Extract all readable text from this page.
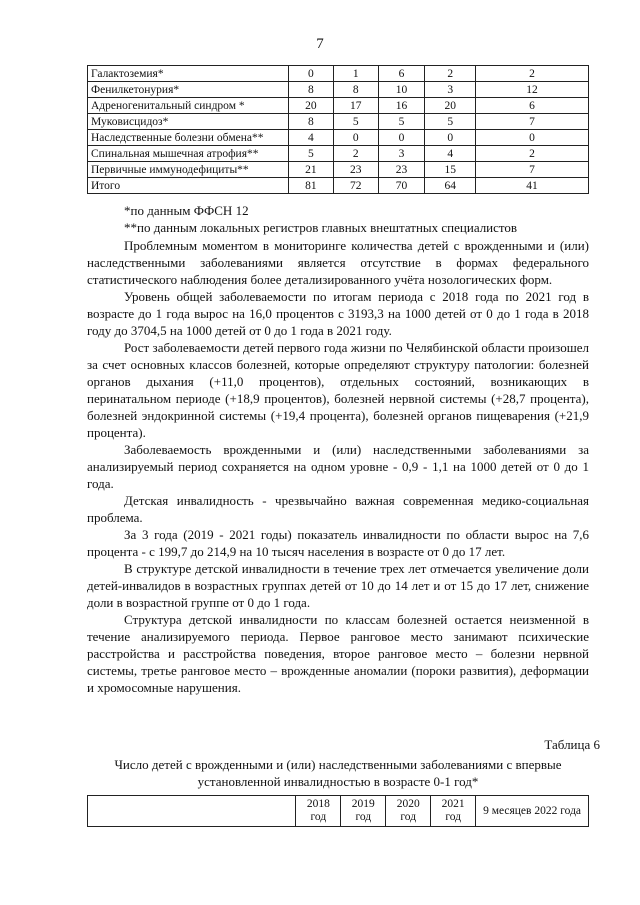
7
Галактоземия*	0	1	6	2	2
Фенилкетонурия*	8	8	10	3	12
Адреногенитальный синдром *	20	17	16	20	6
Муковисцидоз*	8	5	5	5	7
Наследственные болезни обмена**	4	0	0	0	0
Спинальная мышечная атрофия**	5	2	3	4	2
Первичные иммунодефициты**	21	23	23	15	7
Итого	81	72	70	64	41
*по данным ФФСН 12
**по данным локальных регистров главных внештатных специалистов

Проблемным моментом в мониторинге количества детей с врожденными и (или) наследственными заболеваниями является отсутствие в формах федерального статистического наблюдения более детализированного учёта нозологических форм.

Уровень общей заболеваемости по итогам периода с 2018 года по 2021 год в возрасте до 1 года вырос на 16,0 процентов с 3193,3 на 1000 детей от 0 до 1 года в 2018 году до 3704,5 на 1000 детей от 0 до 1 года в 2021 году.

Рост заболеваемости детей первого года жизни по Челябинской области произошел за счет основных классов болезней, которые определяют структуру патологии: болезней органов дыхания (+11,0 процентов), отдельных состояний, возникающих в перинатальном периоде (+18,9 процентов), болезней нервной системы (+28,7 процента), болезней эндокринной системы (+19,4 процента), болезней органов пищеварения (+21,9 процента).

Заболеваемость врожденными и (или) наследственными заболеваниями за анализируемый период сохраняется на одном уровне - 0,9 - 1,1 на 1000 детей от 0 до 1 года.

Детская инвалидность - чрезвычайно важная современная медико-социальная проблема.

За 3 года (2019 - 2021 годы) показатель инвалидности по области вырос на 7,6 процента - с 199,7 до 214,9 на 10 тысяч населения в возрасте от 0 до 17 лет.

В структуре детской инвалидности в течение трех лет отмечается увеличение доли детей-инвалидов в возрастных группах детей от 10 до 14 лет и от 15 до 17 лет, снижение доли в возрастной группе от 0 до 1 года.

Структура детской инвалидности по классам болезней остается неизменной в течение анализируемого периода. Первое ранговое место занимают психические расстройства и расстройства поведения, второе ранговое место – болезни нервной системы, третье ранговое место – врожденные аномалии (пороки развития), деформации и хромосомные нарушения.

Таблица 6
Число детей с врожденными и (или) наследственными заболеваниями с впервые установленной инвалидностью в возрасте 0-1 год*
	2018 год	2019 год	2020 год	2021 год	9 месяцев 2022 года
